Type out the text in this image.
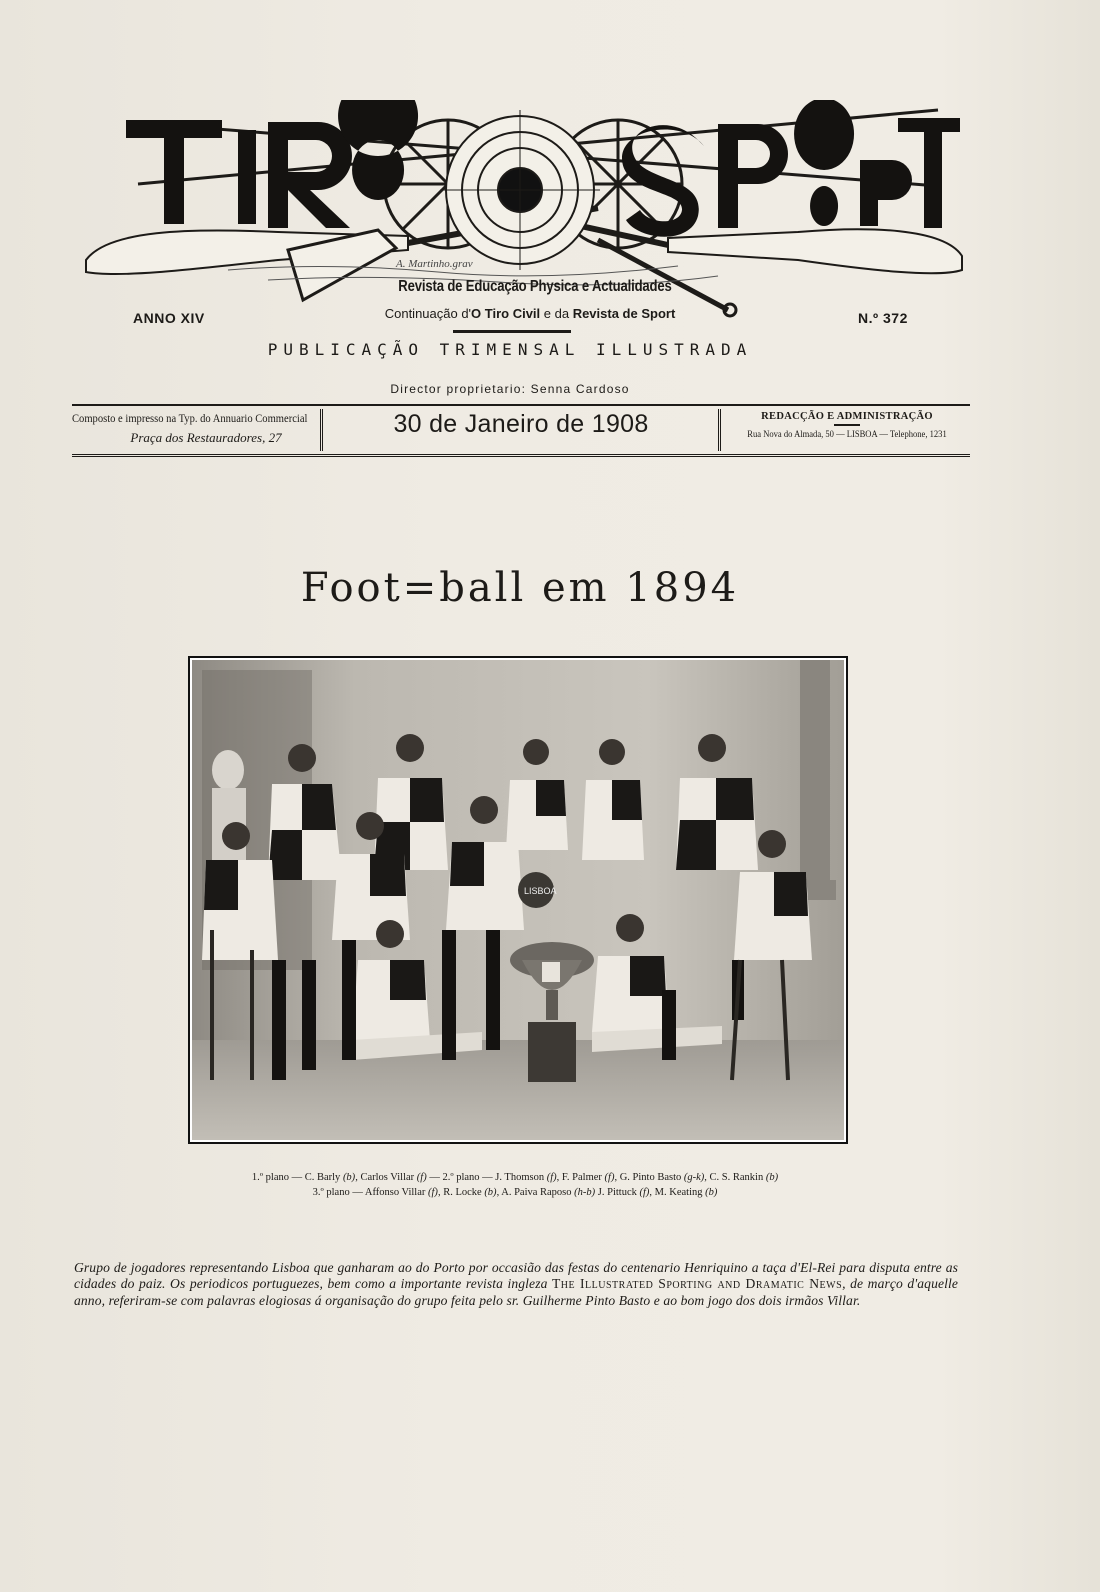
A. Martinho.grav
ANNO XIV	N.º 372
Revista de Educação Physica e Actualidades
Continuação d'O Tiro Civil e da Revista de Sport
PUBLICAÇÃO TRIMENSAL ILLUSTRADA
Director proprietario: Senna Cardoso
Composto e impresso na Typ. do Annuario Commercial
Praça dos Restauradores, 27	30 de Janeiro de 1908	REDACÇÃO E ADMINISTRAÇÃO
Rua Nova do Almada, 50 — LISBOA — Telephone, 1231
Foot=ball em 1894
LISBOA
1.º plano — C. Barly (b), Carlos Villar (f) — 2.º plano — J. Thomson (f), F. Palmer (f), G. Pinto Basto (g-k), C. S. Rankin (b)
3.º plano — Affonso Villar (f), R. Locke (b), A. Paiva Raposo (h-b) J. Pittuck (f), M. Keating (b)

Grupo de jogadores representando Lisboa que ganharam ao do Porto por occasião das festas do centenario Henriquino a taça d'El-Rei para disputa entre as cidades do paiz. Os periodicos portuguezes, bem como a importante revista ingleza The Illustrated Sporting and Dramatic News, de março d'aquelle anno, referiram-se com palavras elogiosas á organisação do grupo feita pelo sr. Guilherme Pinto Basto e ao bom jogo dos dois irmãos Villar.
